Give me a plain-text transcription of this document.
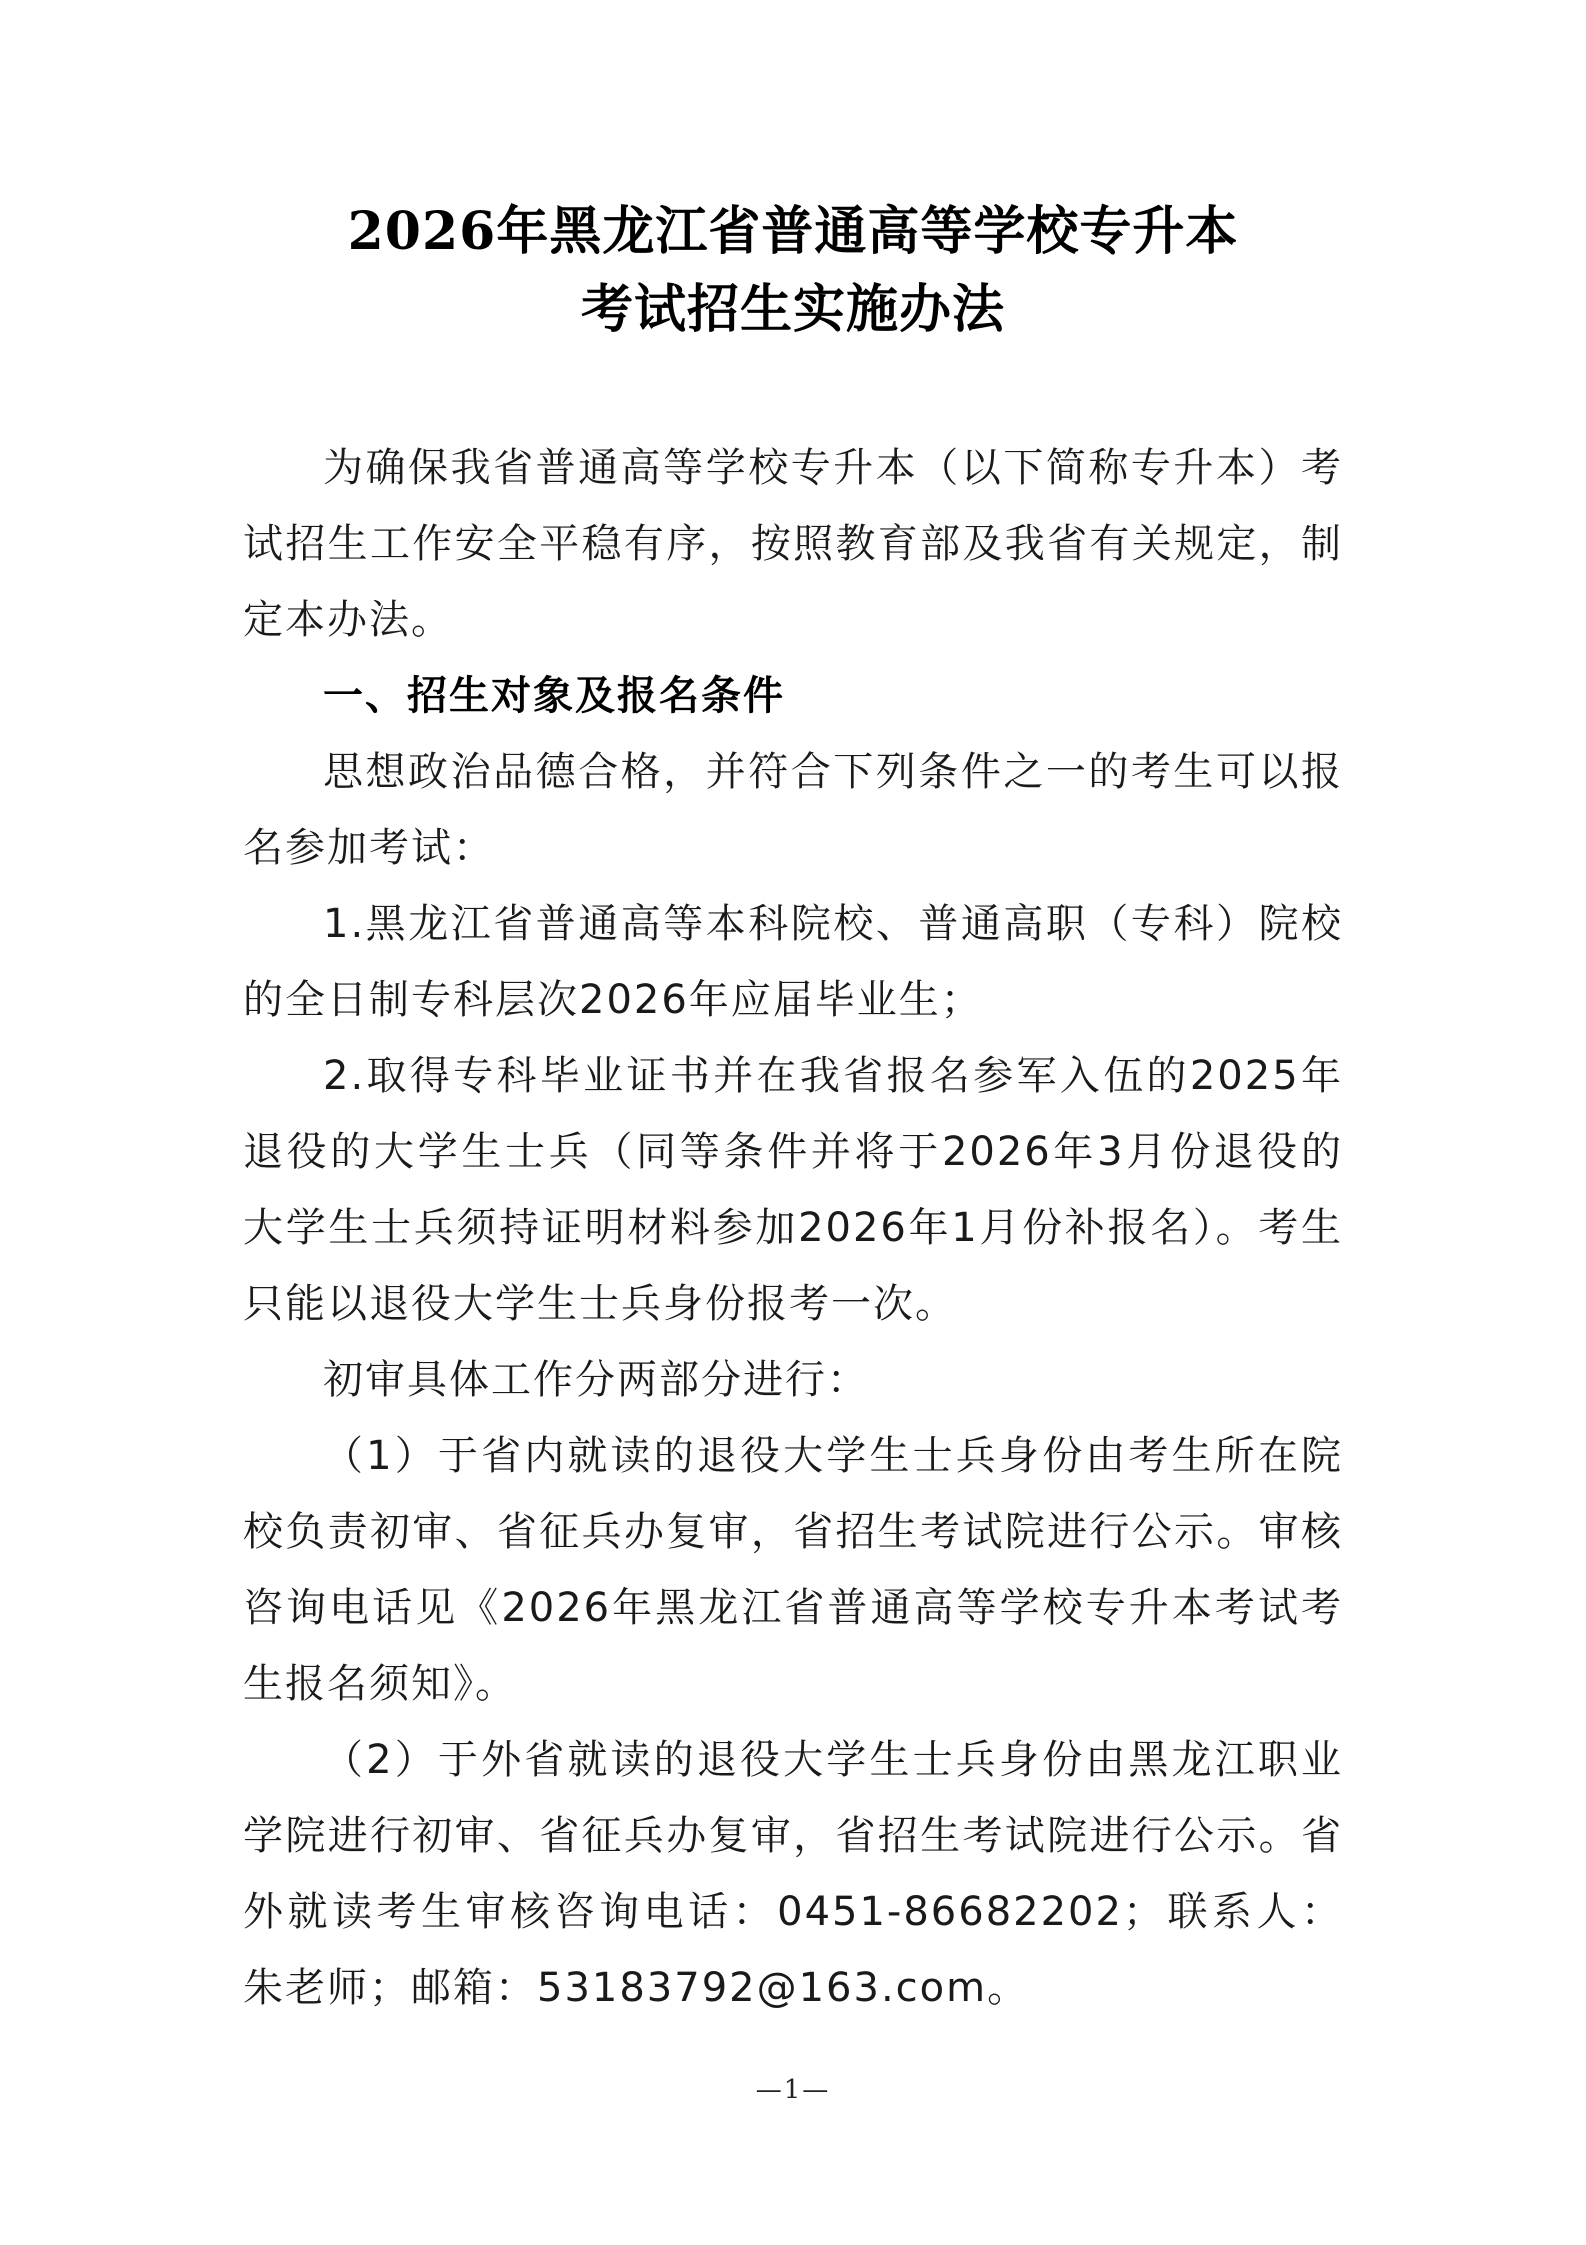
2026年黑龙江省普通高等学校专升本
考试招生实施办法

为确保我省普通高等学校专升本（以下简称专升本）考试招生工作安全平稳有序，按照教育部及我省有关规定，制定本办法。

一、招生对象及报名条件

思想政治品德合格，并符合下列条件之一的考生可以报名参加考试：

1.黑龙江省普通高等本科院校、普通高职（专科）院校的全日制专科层次2026年应届毕业生；

2.取得专科毕业证书并在我省报名参军入伍的2025年退役的大学生士兵（同等条件并将于2026年3月份退役的大学生士兵须持证明材料参加2026年1月份补报名）。考生只能以退役大学生士兵身份报考一次。

初审具体工作分两部分进行：

（1）于省内就读的退役大学生士兵身份由考生所在院校负责初审、省征兵办复审，省招生考试院进行公示。审核咨询电话见《2026年黑龙江省普通高等学校专升本考试考生报名须知》。

（2）于外省就读的退役大学生士兵身份由黑龙江职业学院进行初审、省征兵办复审，省招生考试院进行公示。省外就读考生审核咨询电话：0451-86682202；联系人：朱老师；邮箱：53183792@163.com。

—1—
